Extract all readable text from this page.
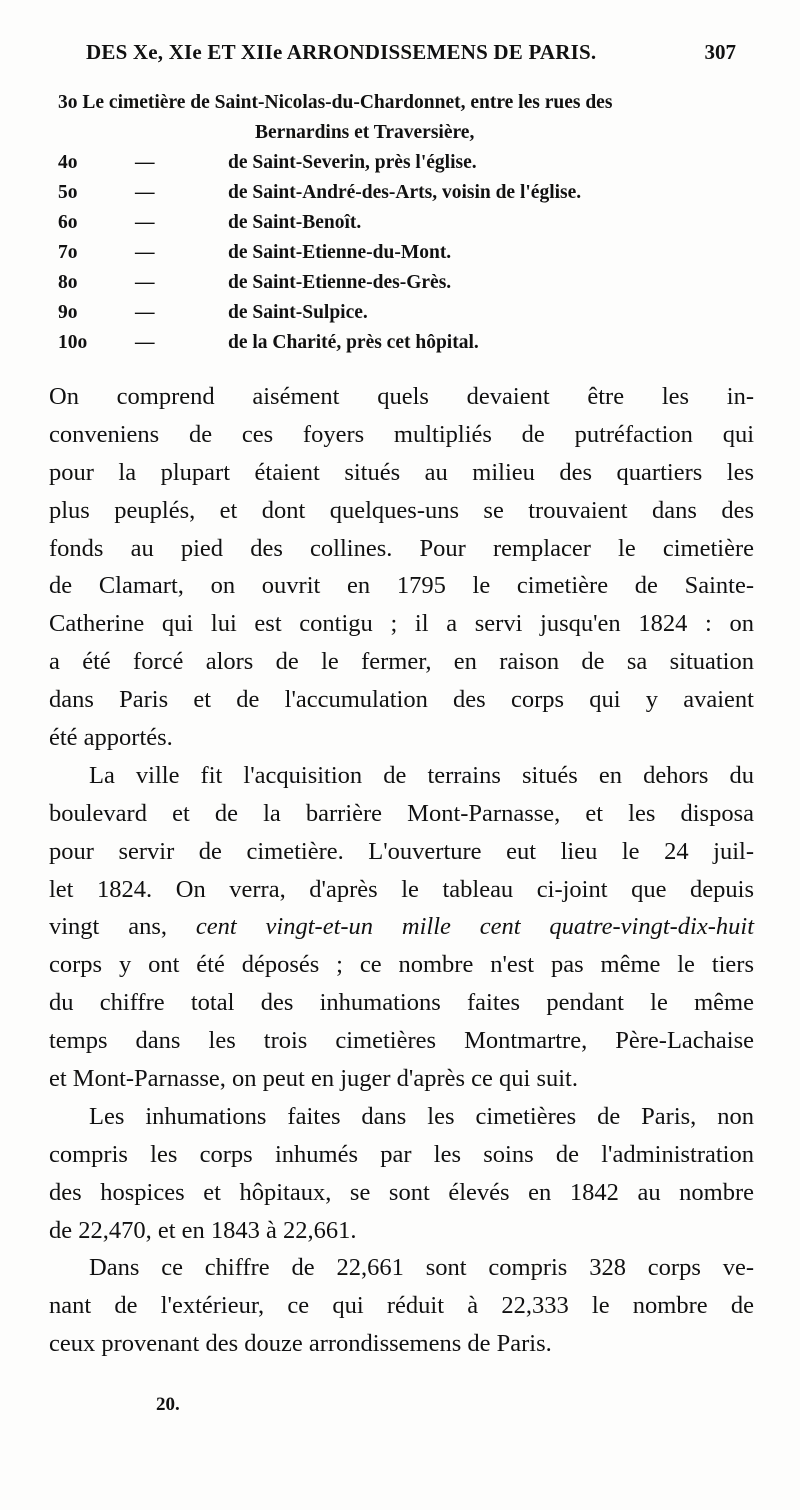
DES Xe, XIe ET XIIe ARRONDISSEMENS DE PARIS.	307
3o Le cimetière de Saint-Nicolas-du-Chardonnet, entre les rues des
Bernardins et Traversière,
4o	—	de Saint-Severin, près l'église.
5o	—	de Saint-André-des-Arts, voisin de l'église.
6o	—	de Saint-Benoît.
7o	—	de Saint-Etienne-du-Mont.
8o	—	de Saint-Etienne-des-Grès.
9o	—	de Saint-Sulpice.
10o —	de la Charité, près cet hôpital.
On comprend aisément quels devaient être les in-
conveniens de ces foyers multipliés de putréfaction qui
pour la plupart étaient situés au milieu des quartiers les
plus peuplés, et dont quelques-uns se trouvaient dans des
fonds au pied des collines. Pour remplacer le cimetière
de Clamart, on ouvrit en 1795 le cimetière de Sainte-
Catherine qui lui est contigu ; il a servi jusqu'en 1824 : on
a été forcé alors de le fermer, en raison de sa situation
dans Paris et de l'accumulation des corps qui y avaient
été apportés.
La ville fit l'acquisition de terrains situés en dehors du
boulevard et de la barrière Mont-Parnasse, et les disposa
pour servir de cimetière. L'ouverture eut lieu le 24 juil-
let 1824. On verra, d'après le tableau ci-joint que depuis
vingt ans, cent vingt-et-un mille cent quatre-vingt-dix-huit
corps y ont été déposés ; ce nombre n'est pas même le tiers
du chiffre total des inhumations faites pendant le même
temps dans les trois cimetières Montmartre, Père-Lachaise
et Mont-Parnasse, on peut en juger d'après ce qui suit.
Les inhumations faites dans les cimetières de Paris, non
compris les corps inhumés par les soins de l'administration
des hospices et hôpitaux, se sont élevés en 1842 au nombre
de 22,470, et en 1843 à 22,661.
Dans ce chiffre de 22,661 sont compris 328 corps ve-
nant de l'extérieur, ce qui réduit à 22,333 le nombre de
ceux provenant des douze arrondissemens de Paris.
20.
